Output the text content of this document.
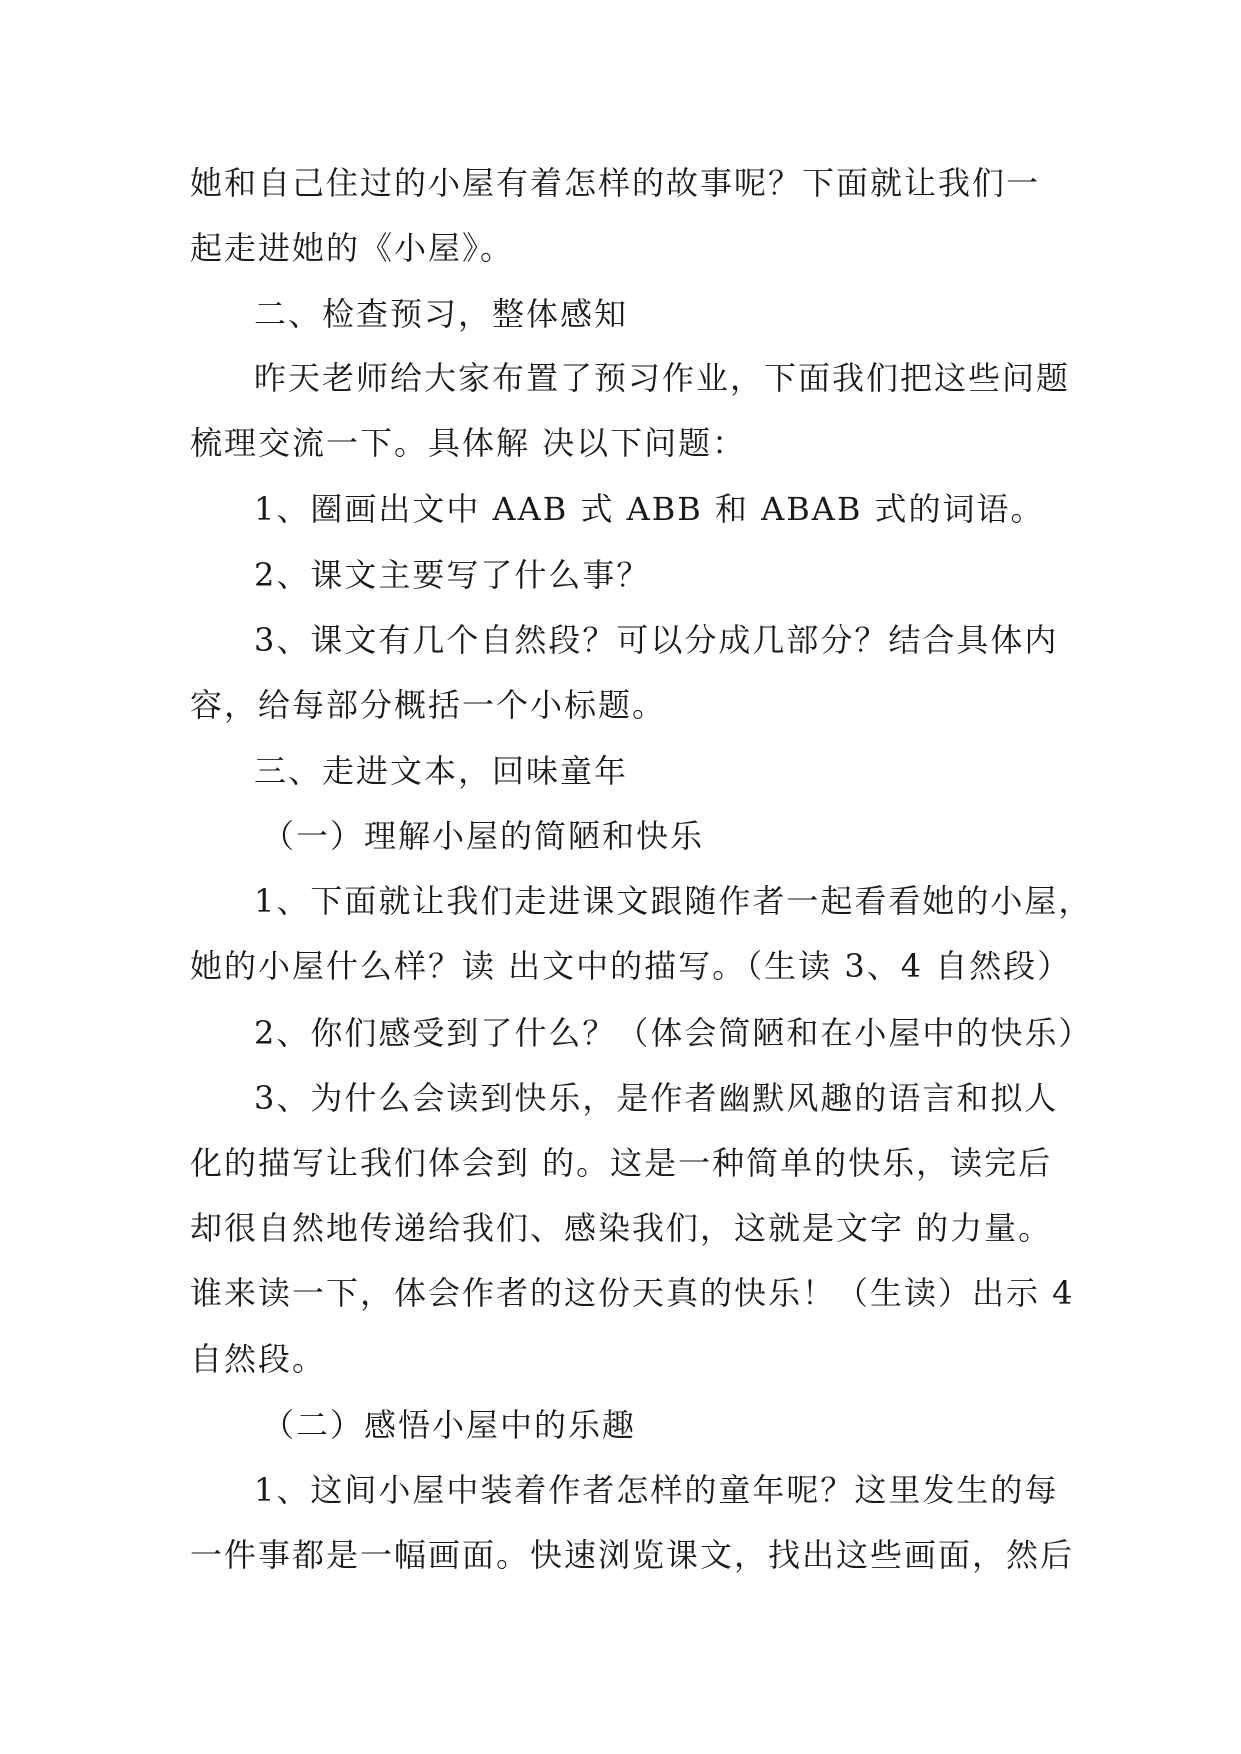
她和自己住过的小屋有着怎样的故事呢？下面就让我们一
起走进她的《小屋》。
二、检查预习，整体感知
昨天老师给大家布置了预习作业，下面我们把这些问题
梳理交流一下。具体解 决以下问题：
1、圈画出文中 AAB 式 ABB 和 ABAB 式的词语。
2、课文主要写了什么事？
3、课文有几个自然段？可以分成几部分？结合具体内
容，给每部分概括一个小标题。
三、走进文本，回味童年
（一）理解小屋的简陋和快乐
1、下面就让我们走进课文跟随作者一起看看她的小屋，
她的小屋什么样？读 出文中的描写。（生读 3、4 自然段）
2、你们感受到了什么？（体会简陋和在小屋中的快乐）
3、为什么会读到快乐，是作者幽默风趣的语言和拟人
化的描写让我们体会到 的。这是一种简单的快乐，读完后
却很自然地传递给我们、感染我们，这就是文字 的力量。
谁来读一下，体会作者的这份天真的快乐！（生读）出示 4
自然段。
（二）感悟小屋中的乐趣
1、这间小屋中装着作者怎样的童年呢？这里发生的每
一件事都是一幅画面。快速浏览课文，找出这些画面，然后
